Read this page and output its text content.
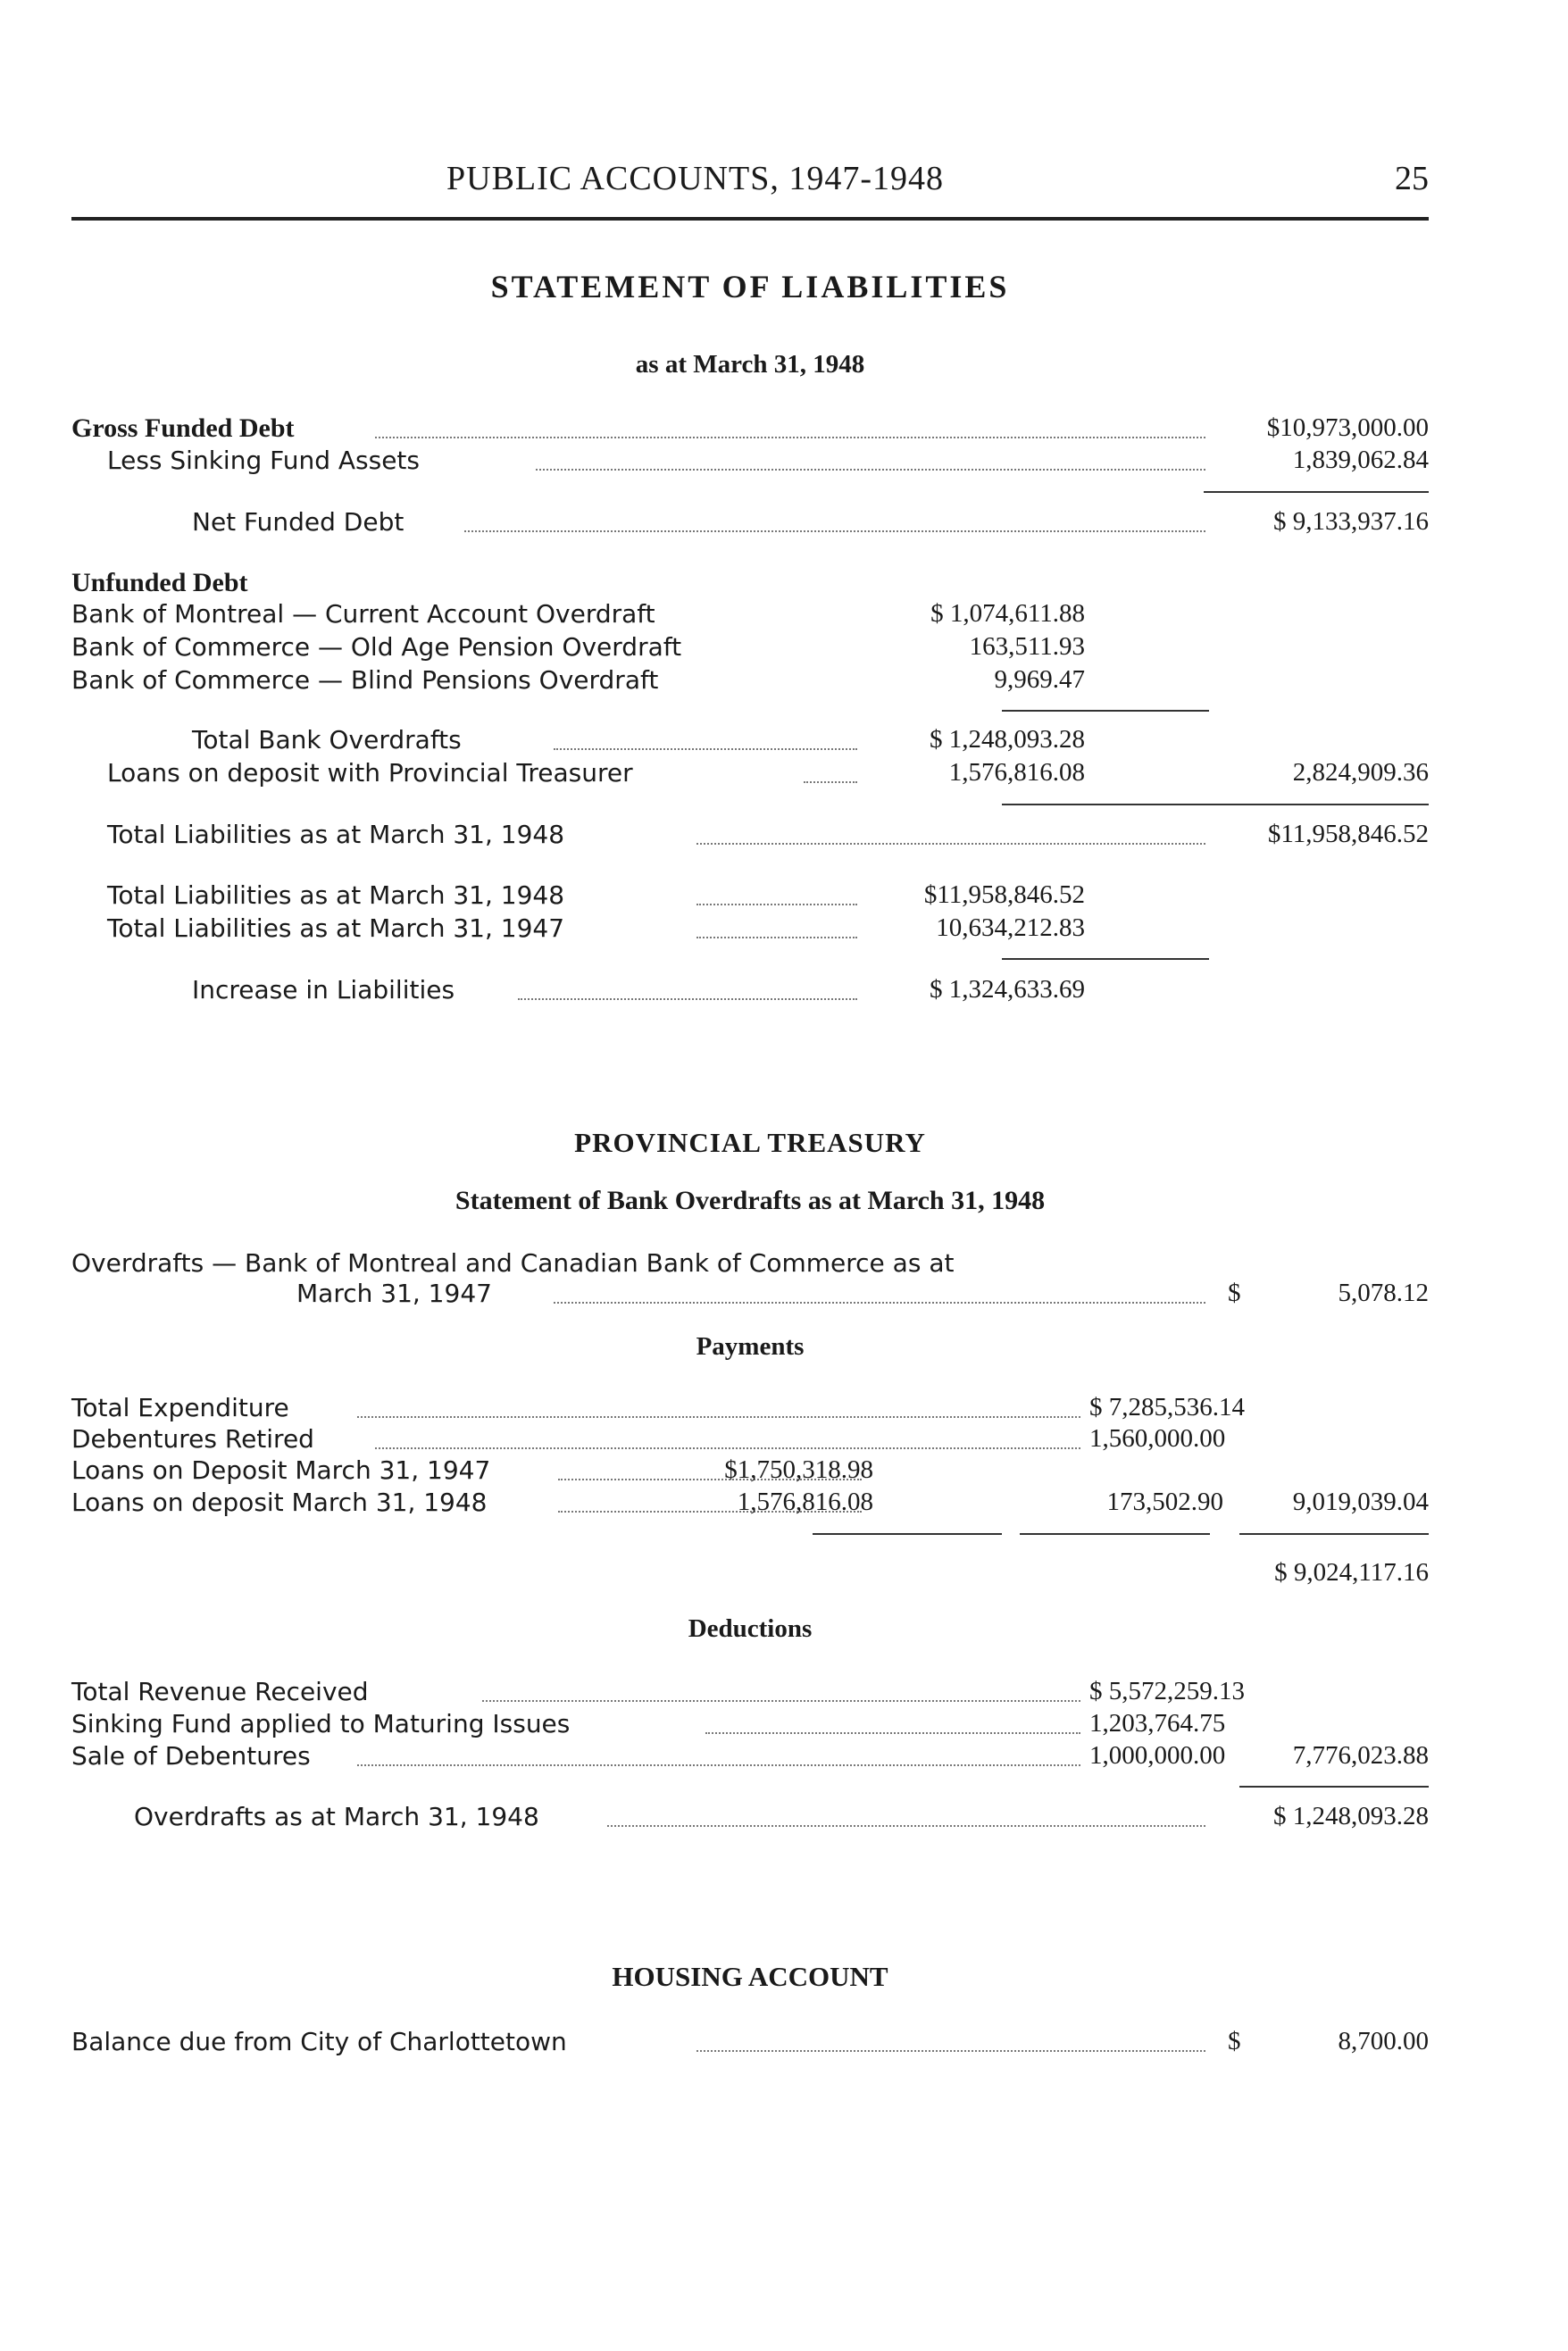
PUBLIC ACCOUNTS, 1947-1948	25
STATEMENT OF LIABILITIES
as at March 31, 1948
Gross Funded Debt	$10,973,000.00
Less Sinking Fund Assets	1,839,062.84
Net Funded Debt	$ 9,133,937.16
Unfunded Debt
Bank of Montreal — Current Account Overdraft	$ 1,074,611.88
Bank of Commerce — Old Age Pension Overdraft	163,511.93
Bank of Commerce — Blind Pensions Overdraft	9,969.47
Total Bank Overdrafts	$ 1,248,093.28
Loans on deposit with Provincial Treasurer	1,576,816.08	2,824,909.36
Total Liabilities as at March 31, 1948	$11,958,846.52
Total Liabilities as at March 31, 1948	$11,958,846.52
Total Liabilities as at March 31, 1947	10,634,212.83
Increase in Liabilities	$ 1,324,633.69
PROVINCIAL TREASURY
Statement of Bank Overdrafts as at March 31, 1948
Overdrafts — Bank of Montreal and Canadian Bank of Commerce as at
March 31, 1947	$	5,078.12
Payments
Total Expenditure	$ 7,285,536.14
Debentures Retired	1,560,000.00
Loans on Deposit March 31, 1947	$1,750,318.98
Loans on deposit March 31, 1948	1,576,816.08	173,502.90	9,019,039.04
$ 9,024,117.16
Deductions
Total Revenue Received	$ 5,572,259.13
Sinking Fund applied to Maturing Issues	1,203,764.75
Sale of Debentures	1,000,000.00	7,776,023.88
Overdrafts as at March 31, 1948	$ 1,248,093.28
HOUSING ACCOUNT
Balance due from City of Charlottetown	$	8,700.00
